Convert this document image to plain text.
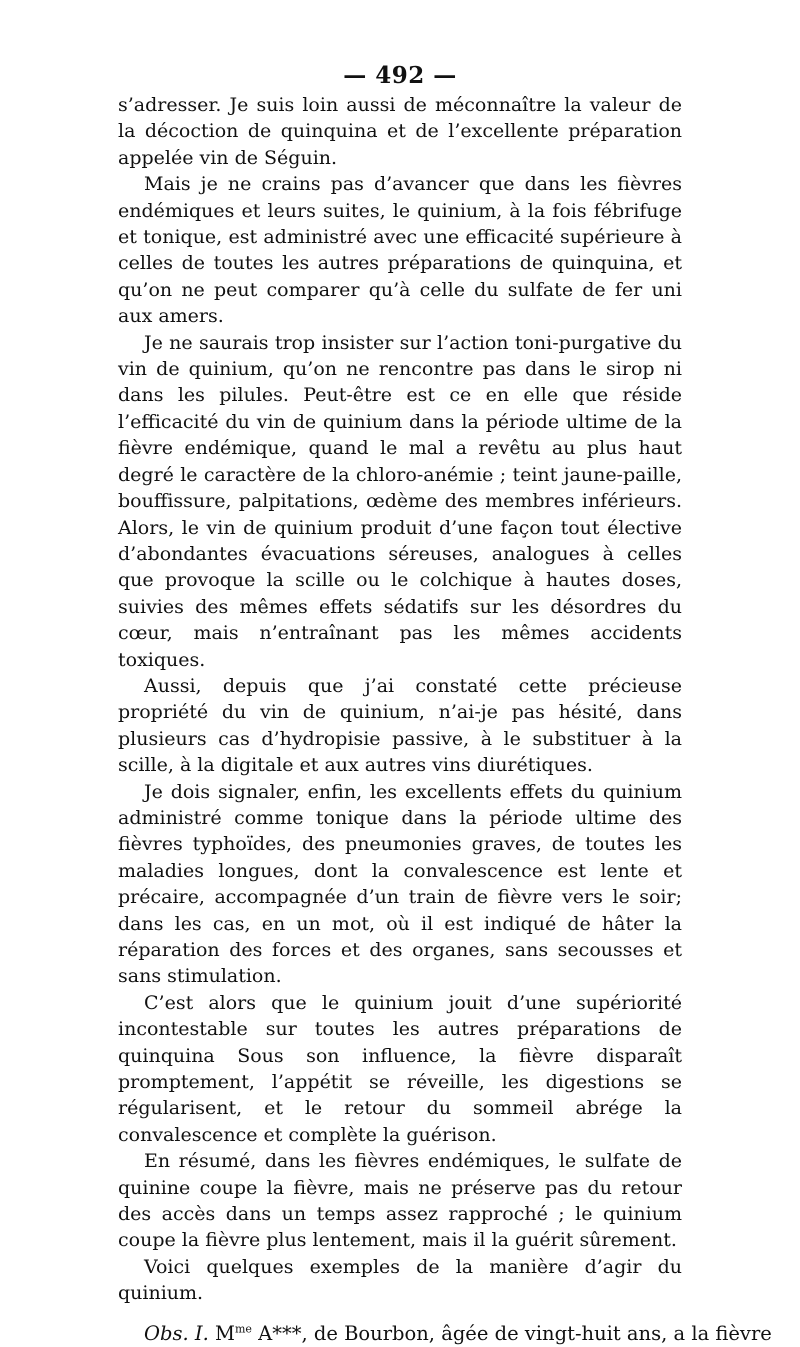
— 492 —

s’adresser. Je suis loin aussi de méconnaître la valeur de la décoction de quinquina et de l’excellente préparation appelée vin de Séguin.

Mais je ne crains pas d’avancer que dans les fièvres endémiques et leurs suites, le quinium, à la fois fébrifuge et tonique, est administré avec une efficacité supérieure à celles de toutes les autres préparations de quinquina, et qu’on ne peut comparer qu’à celle du sulfate de fer uni aux amers.

Je ne saurais trop insister sur l’action toni-purgative du vin de quinium, qu’on ne rencontre pas dans le sirop ni dans les pilules. Peut-être est ce en elle que réside l’efficacité du vin de quinium dans la période ultime de la fièvre endémique, quand le mal a revêtu au plus haut degré le caractère de la chloro-anémie ; teint jaune-paille, bouffissure, palpitations, œdème des membres inférieurs. Alors, le vin de quinium produit d’une façon tout élective d’abondantes évacuations séreuses, analogues à celles que provoque la scille ou le colchique à hautes doses, suivies des mêmes effets sédatifs sur les désordres du cœur, mais n’entraînant pas les mêmes accidents toxiques.

Aussi, depuis que j’ai constaté cette précieuse propriété du vin de quinium, n’ai-je pas hésité, dans plusieurs cas d’hydropisie passive, à le substituer à la scille, à la digitale et aux autres vins diurétiques.

Je dois signaler, enfin, les excellents effets du quinium administré comme tonique dans la période ultime des fièvres typhoïdes, des pneumonies graves, de toutes les maladies longues, dont la convalescence est lente et précaire, accompagnée d’un train de fièvre vers le soir; dans les cas, en un mot, où il est indiqué de hâter la réparation des forces et des organes, sans secousses et sans stimulation.

C’est alors que le quinium jouit d’une supériorité incontestable sur toutes les autres préparations de quinquina Sous son influence, la fièvre disparaît promptement, l’appétit se réveille, les digestions se régularisent, et le retour du sommeil abrége la convalescence et complète la guérison.

En résumé, dans les fièvres endémiques, le sulfate de quinine coupe la fièvre, mais ne préserve pas du retour des accès dans un temps assez rapproché ; le quinium coupe la fièvre plus lentement, mais il la guérit sûrement.

Voici quelques exemples de la manière d’agir du quinium.

Obs. I. $M^{me}$ A***, de Bourbon, âgée de vingt-huit ans, a la fièvre
